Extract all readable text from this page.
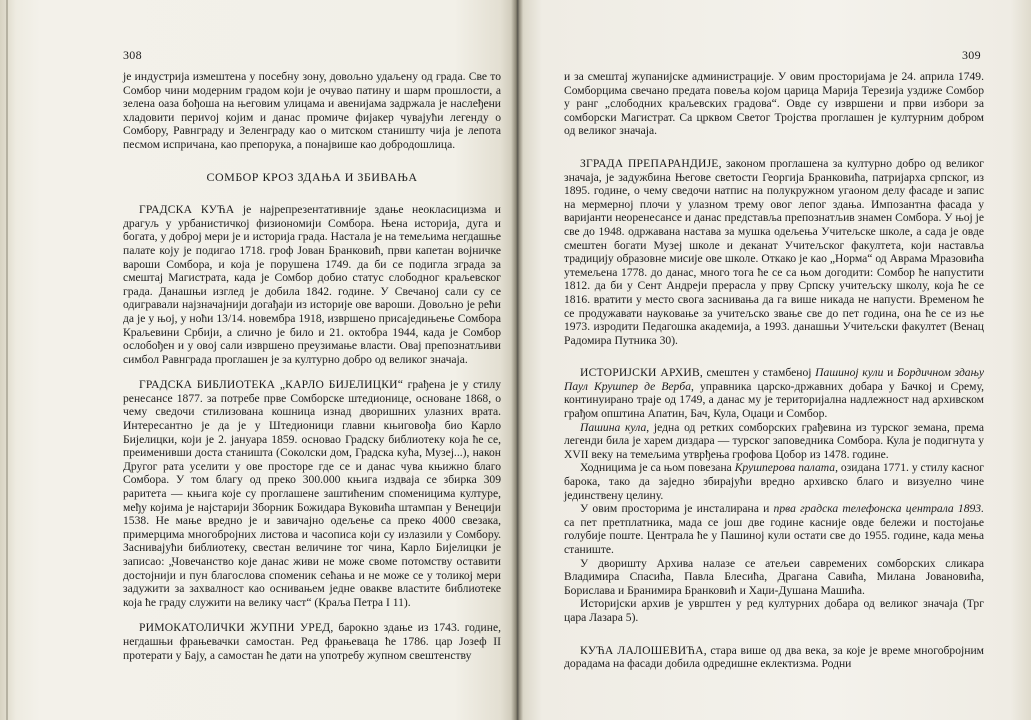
308

је индустрија измештена у посебну зону, довољно удаљену од града. Све то Сомбор чини модерним градом који је очувао патину и шарм прошлости, а зелена оаза бођоша на његовим улицама и авенијама задржала је наслеђени хладовити периvoj којим и данас промиче фијакер чувајући легенду о Сомбору, Равнграду и Зеленграду као о митском станишту чија је лепота песмом испричана, као препорука, а понајвише као добродошлица.

СОМБОР КРОЗ ЗДАЊА И ЗБИВАЊА

ГРАДСКА КУЋА је најрепрезентативније здање неокласицизма и драгуљ у урбанистичкој физиономији Сомбора. Њена историја, дуга и богата, у доброј мери је и историја града. Настала је на темељима негдашње палате коју је подигао 1718. гроф Јован Бранковић, први капетан војничке вароши Сомбора, и која је порушена 1749. да би се подигла зграда за смештај Магистрата, када је Сомбор добио статус слободног краљевског града. Данашњи изглед је добила 1842. године. У Свечаној сали су се одигравали најзначајнији догађаји из историје ове вароши. Довољно је рећи да је у њој, у ноћи 13/14. новембра 1918, извршено присаједињење Сомбора Краљевини Србији, а слично је било и 21. октобра 1944, када је Сомбор ослобођен и у овој сали извршено преузимање власти. Овај препознатљиви симбол Равнграда проглашен је за културно добро од великог значаја.

ГРАДСКА БИБЛИОТЕКА „КАРЛО БИЈЕЛИЦКИ“ грађена је у стилу ренесансе 1877. за потребе прве Сомборске штедионице, основане 1868, о чему сведочи стилизована кошница изнад дворишних улазних врата. Интересантно је да је у Штедионици главни књиговођа био Карло Бијелицки, који је 2. јануара 1859. основао Градску библиотеку која ће се, преименивши доста станишта (Соколски дом, Градска кућа, Музеј...), након Другог рата уселити у ове просторе где се и данас чува књижно благо Сомбора. У том благу од преко 300.000 књига издваја се збирка 309 раритета — књига које су проглашене заштићеним споменицима културе, међу којима је најстарији Зборник Божидара Вуковића штампан у Венецији 1538. Не мање вредно је и завичајно одељење са преко 4000 свезака, примерцима многобројних листова и часописа који су излазили у Сомбору. Заснивајући библиотеку, свестан величине тог чина, Карло Бијелицки је записао: „Човечанство које данас живи не може своме потомству оставити достојнији и пун благослова споменик сећања и не може се у толикој мери задужити за захвалност као оснивањем једне овакве властите библиотеке која ће граду служити на велику част“ (Краља Петра I 11).

РИМОКАТОЛИЧКИ ЖУПНИ УРЕД, барокно здање из 1743. године, негдашњи фрањевачки самостан. Ред фрањеваца ће 1786. цар Јозеф II протерати у Бају, а самостан ће дати на употребу жупном свештенству

309

и за смештај жупанијске администрације. У овим просторијама је 24. априла 1749. Сомборцима свечано предата повеља којом царица Марија Терезија уздиже Сомбор у ранг „слободних краљевских градова“. Овде су извршени и први избори за сомборски Магистрат. Са црквом Светог Тројства проглашен је културним добром од великог значаја.

ЗГРАДА ПРЕПАРАНДИЈЕ, законом проглашена за културно добро од великог значаја, је задужбина Његове светости Георгија Бранковића, патријарха српског, из 1895. године, о чему сведочи натпис на полукружном угаоном делу фасаде и запис на мермерној плочи у улазном трему овог лепог здања. Импозантна фасада у варијанти неоренесансе и данас представља препознатљив знамен Сомбора. У њој је све до 1948. одржавана настава за мушка одељења Учитељске школе, а сада је овде смештен богати Музеј школе и деканат Учитељског факултета, који наставља традицију образовне мисије ове школе. Откако је као „Норма“ од Аврама Мразовића утемељена 1778. до данас, много тога ће се са њом догодити: Сомбор ће напустити 1812. да би у Сент Андреји прерасла у прву Српску учитељску школу, која ће се 1816. вратити у место свога заснивања да га више никада не напусти. Временом ће се продужавати наукoвање за учитељско звање све до пет година, она ће се из ње 1973. изродити Педагошка академија, а 1993. данашњи Учитељски факултет (Венац Радомира Путника 30).

ИСТОРИЈСКИ АРХИВ, смештен у стамбеној Пашиној кули и Бордичном здању Паул Крушпер де Верба, управника царско-државних добара у Бачкој и Срему, континуирано траје од 1749, а данас му је територијална надлежност над архивском грађом општина Апатин, Бач, Кула, Оџаци и Сомбор.

Пашина кула, једна од ретких сомборских грађевина из турског земана, према легенди била је харем диздара — турског заповедника Сомбора. Кула је подигнута у XVII веку на темељима утврђења грофова Цобор из 1478. године.

Ходницима је са њом повезана Крушперова палата, озидана 1771. у стилу касног барока, тако да заједно збирајући вредно архивско благо и визуелно чине јединствену целину.

У овим просторима је инсталирана и прва градска телефонска централа 1893. са пет претплатника, мада се још две године касније овде бележи и постојање голубије поште. Централа ће у Пашиној кули остати све до 1955. године, када мења станиште.

У дворишту Архива налазе се атељеи савремених сомборских сликара Владимира Спасића, Павла Блесића, Драгана Савића, Милана Јовановића, Бориславa и Бранимира Бранковић и Хаџи-Душана Машића.

Историјски архив је уврштен у ред културних добара од великог значаја (Трг цара Лазара 5).

КУЋА ЛАЛОШЕВИЋА, стара више од два века, за које је време многобројним дорадама на фасади добила одредишне еклектизма. Родни
